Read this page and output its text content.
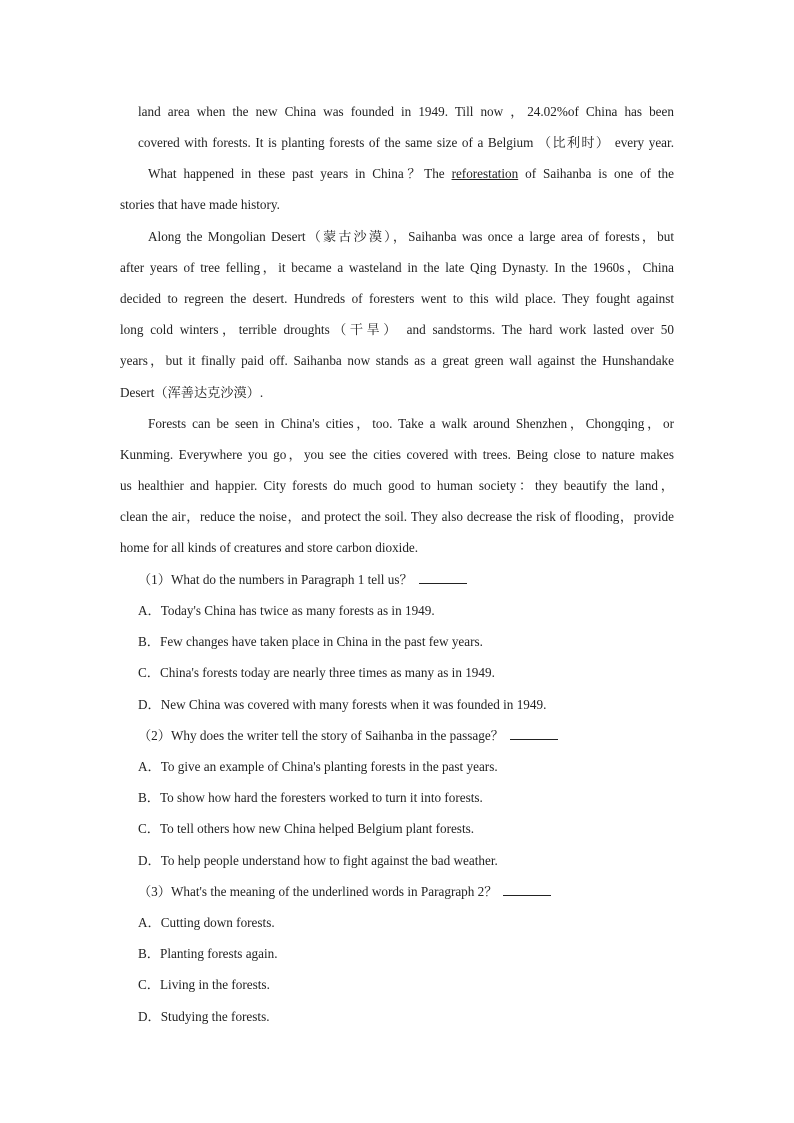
land area when the new China was founded in 1949. Till now ，24.02%of China has been
covered with forests. It is planting forests of the same size of a Belgium （比利时） every year.
What happened in these past years in China？The reforestation of Saihanba is one of the
stories that have made history.
Along the Mongolian Desert（蒙古沙漠），Saihanba was once a large area of forests，but
after years of tree felling，it became a wasteland in the late Qing Dynasty. In the 1960s，China
decided to regreen the desert. Hundreds of foresters went to this wild place. They fought against
long cold winters，terrible droughts（干旱） and sandstorms. The hard work lasted over 50
years，but it finally paid off. Saihanba now stands as a great green wall against the Hunshandake
Desert（浑善达克沙漠）.
Forests can be seen in China's cities，too. Take a walk around Shenzhen，Chongqing，or
Kunming. Everywhere you go，you see the cities covered with trees. Being close to nature makes
us healthier and happier. City forests do much good to human society：they beautify the land，
clean the air，reduce the noise，and protect the soil. They also decrease the risk of flooding，provide
home for all kinds of creatures and store carbon dioxide.
（1）What do the numbers in Paragraph 1 tell us？
A．Today's China has twice as many forests as in 1949.
B．Few changes have taken place in China in the past few years.
C．China's forests today are nearly three times as many as in 1949.
D．New China was covered with many forests when it was founded in 1949.
（2）Why does the writer tell the story of Saihanba in the passage？
A．To give an example of China's planting forests in the past years.
B．To show how hard the foresters worked to turn it into forests.
C．To tell others how new China helped Belgium plant forests.
D．To help people understand how to fight against the bad weather.
（3）What's the meaning of the underlined words in Paragraph 2？
A．Cutting down forests.
B．Planting forests again.
C．Living in the forests.
D．Studying the forests.
